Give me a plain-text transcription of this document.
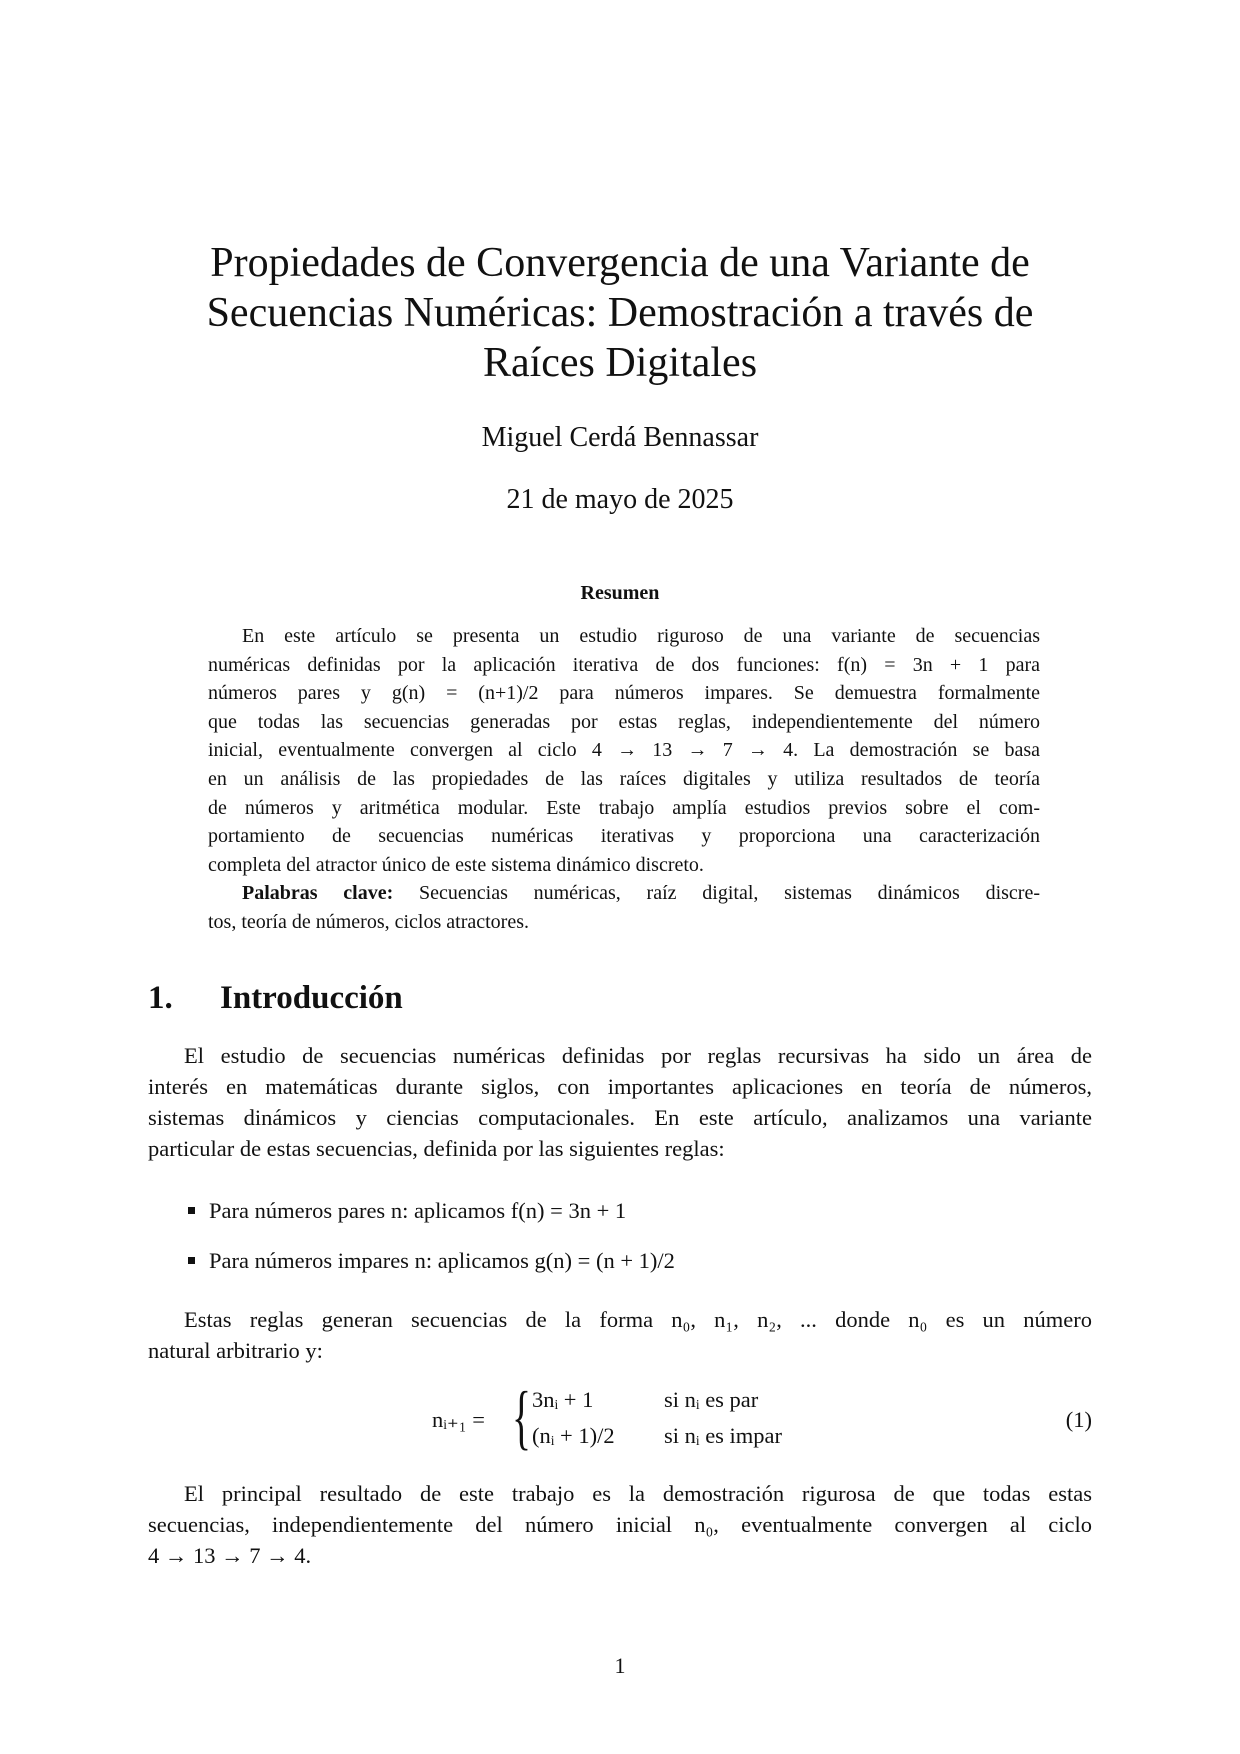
Propiedades de Convergencia de una Variante de
Secuencias Numéricas: Demostración a través de
Raíces Digitales
Miguel Cerdá Bennassar
21 de mayo de 2025
Resumen
En este artículo se presenta un estudio riguroso de una variante de secuencias
numéricas definidas por la aplicación iterativa de dos funciones: f(n) = 3n + 1 para
números pares y g(n) = (n+1)/2 para números impares. Se demuestra formalmente
que todas las secuencias generadas por estas reglas, independientemente del número
inicial, eventualmente convergen al ciclo 4 → 13 → 7 → 4. La demostración se basa
en un análisis de las propiedades de las raíces digitales y utiliza resultados de teoría
de números y aritmética modular. Este trabajo amplía estudios previos sobre el com-
portamiento de secuencias numéricas iterativas y proporciona una caracterización
completa del atractor único de este sistema dinámico discreto.
Palabras clave: Secuencias numéricas, raíz digital, sistemas dinámicos discre-
tos, teoría de números, ciclos atractores.
1. Introducción
El estudio de secuencias numéricas definidas por reglas recursivas ha sido un área de
interés en matemáticas durante siglos, con importantes aplicaciones en teoría de números,
sistemas dinámicos y ciencias computacionales. En este artículo, analizamos una variante
particular de estas secuencias, definida por las siguientes reglas:
Para números pares n: aplicamos f(n) = 3n + 1
Para números impares n: aplicamos g(n) = (n + 1)/2
Estas reglas generan secuencias de la forma n₀, n₁, n₂, ... donde n₀ es un número
natural arbitrario y:
nᵢ₊₁ = { 3nᵢ + 1	si nᵢ es par
(nᵢ + 1)/2 si nᵢ es impar
(1)
El principal resultado de este trabajo es la demostración rigurosa de que todas estas
secuencias, independientemente del número inicial n₀, eventualmente convergen al ciclo
4 → 13 → 7 → 4.
1
